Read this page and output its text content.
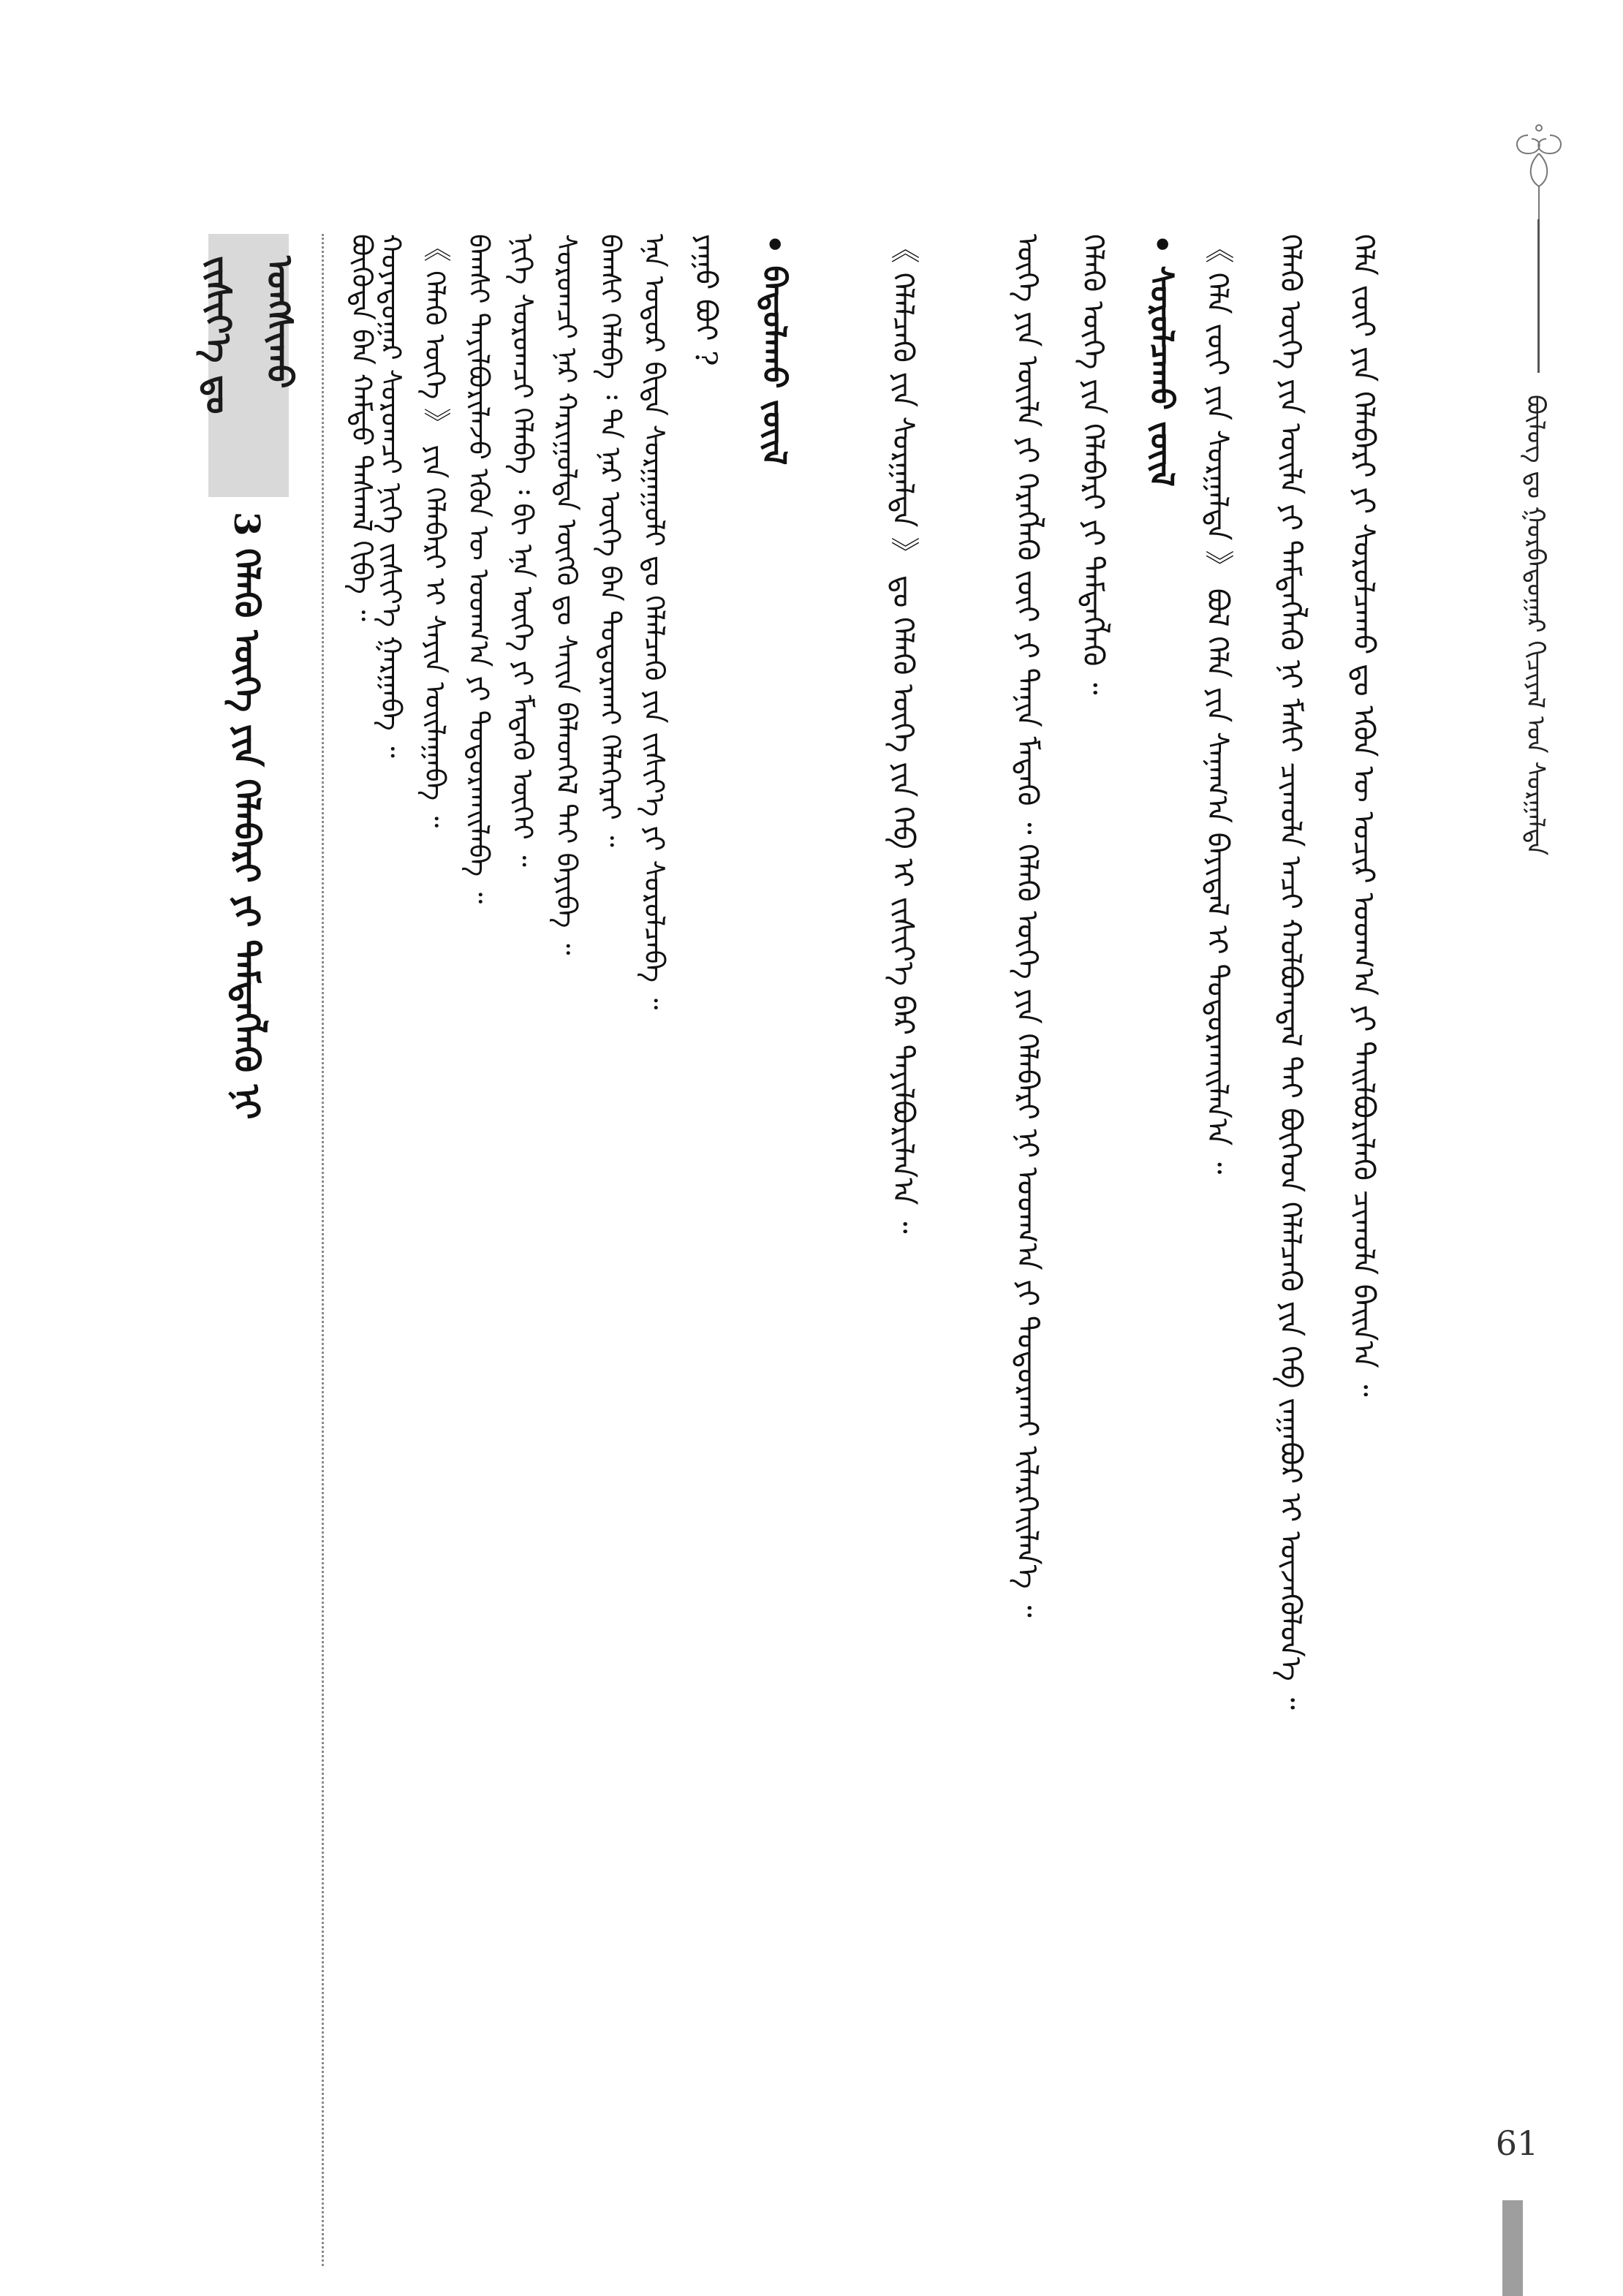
ᠪᠦᠯᠦᠭ ᠳᠤ ᠭᠤᠷᠪᠠᠳᠤᠭᠠᠷ ᠬᠢᠴᠢᠶᠡᠯ ᠤᠨ ᠰᠤᠷᠭᠠᠯᠲᠠ
ᠬᠡᠯᠡ ᠵᠦᠢ ᠶᠢᠨ ᠬᠡᠯᠡᠪᠡᠷᠢ ᠶᠢ ᠰᠤᠷᠤᠯᠴᠠᠬᠤ ᠳᠤ ᠡᠭᠦᠨ ᠦ ᠤᠴᠢᠷ ᠤᠳᠬ᠎ᠠ ᠶᠢ ᠲᠡᠢᠯᠪᠦᠷᠢᠯᠡᠬᠦ ᠴᠢᠬᠤᠯᠠ ᠪᠠᠢᠨ᠎ᠠ ᠃
ᠬᠡᠯᠡᠬᠦ ᠦᠭᠡ ᠶᠢᠨ ᠦᠢᠯᠡ ᠶᠢ ᠲᠡᠮᠳᠡᠭᠯᠡᠬᠦ ᠨᠢ ᠮᠠᠰᠢ ᠴᠢᠬᠤᠯᠠ ᠠᠴᠢ ᠬᠤᠯᠪᠤᠭᠳᠠᠯ ᠲᠠᠢ ᠪᠦᠭᠡᠳ ᠬᠡᠯᠡᠯᠴᠡᠬᠦ ᠶᠢᠨ ᠬᠡᠪ ᠵᠠᠭᠠᠪᠤᠷ ᠢ ᠦᠵᠡᠭᠦᠯᠦᠨ᠎ᠡ ᠃
《 ᠬᠡᠯᠡ ᠵᠦᠢ ᠶᠢᠨ ᠰᠤᠷᠭᠠᠯᠲᠠ 》 ᠪᠣᠯ ᠬᠡᠯᠡ ᠶᠢᠨ ᠰᠠᠨᠠᠭ᠎ᠠ ᠪᠠᠶᠢᠳᠠᠯ ᠢ ᠲᠤᠳᠤᠷᠬᠠᠢᠯᠠᠨ᠎ᠠ ᠃
• ᠰᠤᠷᠤᠯᠴᠠᠬᠤ ᠵᠦᠢᠯ
ᠬᠡᠯᠡᠬᠦ ᠦᠭᠡ ᠶᠢᠨ ᠬᠡᠯᠡᠪᠡᠷᠢ ᠶᠢ ᠲᠡᠮᠳᠡᠭᠯᠡᠬᠦ ᠃
ᠦᠭᠡ ᠶᠢᠨ ᠦᠢᠯᠡ ᠶᠢ ᠬᠡᠷᠡᠭᠯᠡᠬᠦ ᠵᠦᠢ ᠶᠢ ᠲᠠᠨᠢᠨ ᠮᠡᠳᠡᠬᠦ ᠃ ᠬᠡᠯᠡᠬᠦ ᠦᠭᠡ ᠶᠢᠨ ᠬᠡᠯᠡᠪᠡᠷᠢ ᠨᠢ ᠤᠳᠬ᠎ᠠ ᠶᠢ ᠲᠤᠳᠤᠷᠬᠠᠢ ᠢᠯᠡᠷᠭᠡᠢᠯᠡᠨ᠎ᠡ ᠃
《 ᠬᠡᠯᠡᠯᠴᠡᠬᠦ ᠶᠢᠨ ᠰᠤᠷᠭᠠᠯᠲᠠ 》 ᠳᠤ ᠬᠡᠯᠡᠬᠦ ᠦᠭᠡ ᠶᠢᠨ ᠬᠡᠪ ᠢ ᠵᠢᠱᠢᠶ᠎ᠡ ᠪᠠᠷ ᠲᠠᠶᠢᠯᠪᠤᠷᠢᠯᠠᠨ᠎ᠠ ᠃
• ᠪᠠᠳᠤᠯᠠᠬᠤ ᠵᠦᠢᠯ
ᠶᠠᠭᠤ ᠪᠤᠢ ?
ᠡᠨᠡ ᠤᠳᠤᠷ ᠪᠢᠳᠡ ᠰᠤᠷᠭᠠᠭᠤᠯᠢ ᠳᠤ ᠬᠡᠯᠡᠯᠴᠡᠬᠦ ᠶᠢᠨ ᠵᠢᠱᠢᠶ᠎ᠡ ᠶᠢ ᠰᠤᠷᠤᠯᠴᠠᠪᠠ ᠃
ᠪᠠᠭᠰᠢ ᠬᠡᠯᠡᠪᠡ ᠄ ᠲᠠ ᠨᠠᠷ ᠦᠭᠡ ᠪᠡᠨ ᠲᠤᠳᠤᠷᠬᠠᠢ ᠬᠡᠯᠡᠭᠡᠷᠡᠢ ᠃
ᠰᠤᠷᠤᠭᠴᠢ ᠨᠠᠷ ᠬᠠᠷᠢᠭᠤᠯᠲᠠ ᠦᠭᠬᠦ ᠳᠤ ᠰᠠᠶ᠋ᠢᠨ ᠪᠡᠯᠡᠳᠬᠡᠯ ᠲᠠᠢ ᠪᠠᠶᠢᠪᠠ ᠃
ᠨᠢᠭᠡ ᠰᠤᠷᠤᠭᠴᠢ ᠬᠡᠯᠡᠪᠡ ᠄ ᠪᠢ ᠡᠨᠡ ᠦᠭᠡ ᠶᠢ ᠮᠡᠳᠡᠬᠦ ᠦᠭᠡᠢ ᠃
ᠪᠠᠭᠰᠢ ᠲᠠᠶᠢᠯᠪᠤᠷᠢᠯᠠᠵᠤ ᠡᠭᠦᠨ ᠦ ᠤᠳᠬ᠎ᠠ ᠶᠢ ᠲᠤᠳᠤᠷᠬᠠᠢᠯᠠᠪᠠ ᠃
《 ᠬᠡᠯᠡᠬᠦ ᠦᠭᠡ 》 ᠶᠢᠨ ᠬᠡᠯᠡᠪᠡᠷᠢ ᠢ ᠰᠠᠶᠢᠨ ᠤᠢᠯᠠᠭᠠᠪᠠ ᠃
ᠬᠤᠶᠠᠳᠤᠭᠠᠷ ᠰᠤᠷᠤᠭᠴᠢ ᠨᠢᠭᠡ ᠵᠢᠱᠢᠶ᠎ᠡ ᠭᠠᠷᠭᠠᠪᠠ ᠃
ᠪᠦᠭᠦᠳᠡ ᠪᠡᠨ ᠬᠠᠮᠲᠤ ᠳᠠᠰᠬᠠᠯ ᠬᠢᠪᠡ ᠃
ᠵᠢᠱᠢᠶ᠎ᠡ ᠳᠤ ᠤᠩᠰᠢᠬᠤ
3 ᠬᠡᠯᠡᠬᠦ ᠦᠭᠡ ᠶᠢᠨ ᠬᠡᠯᠡᠪᠡᠷᠢ ᠶᠢ ᠲᠡᠮᠳᠡᠭᠯᠡᠬᠦ ᠨᠢ
61
